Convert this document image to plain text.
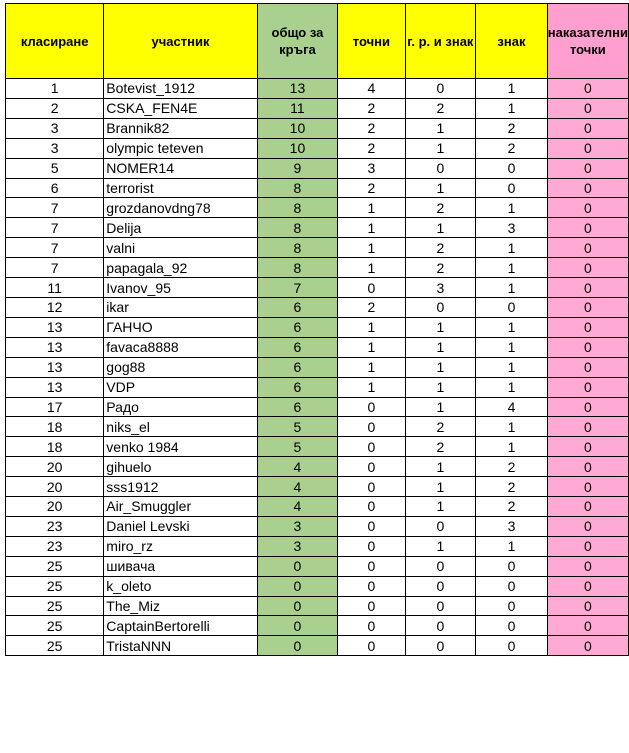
класиране	участник	общо за кръга	точни	г. р. и знак	знак	наказателни точки
1	Botevist_1912	13	4	0	1	0
2	CSKA_FEN4E	11	2	2	1	0
3	Brannik82	10	2	1	2	0
3	olympic teteven	10	2	1	2	0
5	NOMER14	9	3	0	0	0
6	terrorist	8	2	1	0	0
7	grozdanovdng78	8	1	2	1	0
7	Delija	8	1	1	3	0
7	valni	8	1	2	1	0
7	papagala_92	8	1	2	1	0
11	Ivanov_95	7	0	3	1	0
12	ikar	6	2	0	0	0
13	ГАНЧО	6	1	1	1	0
13	favaca8888	6	1	1	1	0
13	gog88	6	1	1	1	0
13	VDP	6	1	1	1	0
17	Радо	6	0	1	4	0
18	niks_el	5	0	2	1	0
18	venko 1984	5	0	2	1	0
20	gihuelo	4	0	1	2	0
20	sss1912	4	0	1	2	0
20	Air_Smuggler	4	0	1	2	0
23	Daniel Levski	3	0	0	3	0
23	miro_rz	3	0	1	1	0
25	шивача	0	0	0	0	0
25	k_oleto	0	0	0	0	0
25	The_Miz	0	0	0	0	0
25	CaptainBertorelli	0	0	0	0	0
25	TristaNNN	0	0	0	0	0
